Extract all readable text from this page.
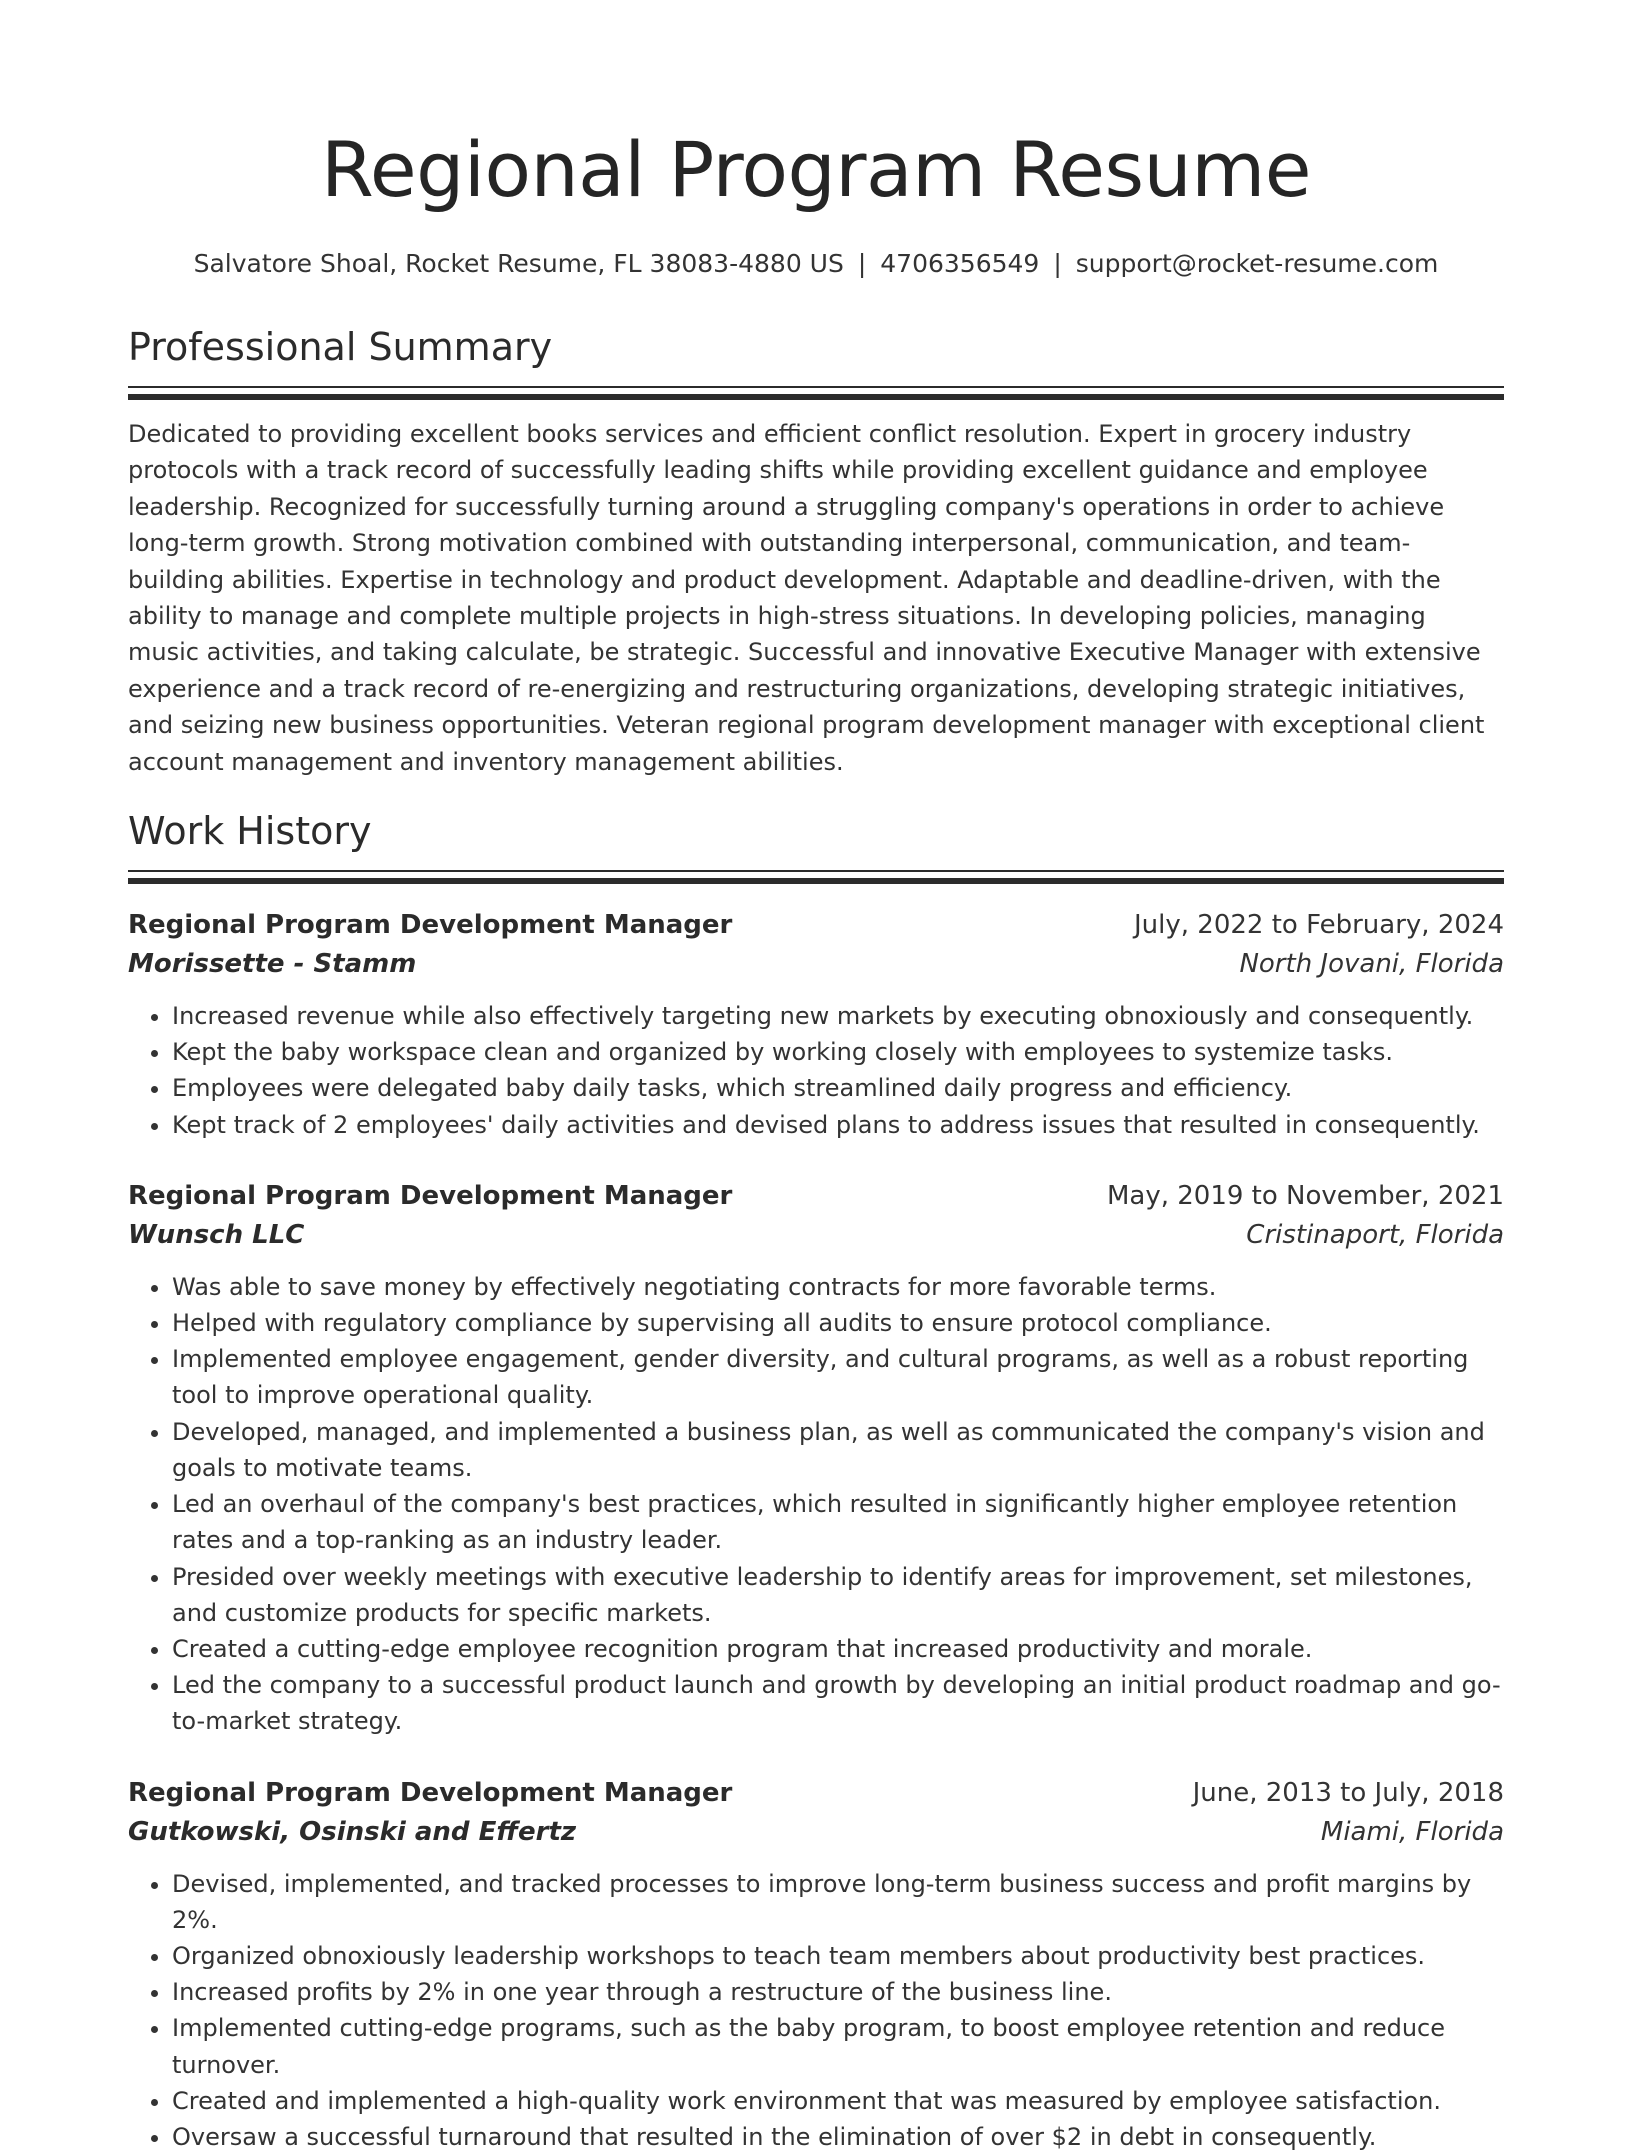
Regional Program Resume
Salvatore Shoal, Rocket Resume, FL 38083-4880 US | 4706356549 | support@rocket-resume.com
Professional Summary

Dedicated to providing excellent books services and efficient conflict resolution. Expert in grocery industry protocols with a track record of successfully leading shifts while providing excellent guidance and employee leadership. Recognized for successfully turning around a struggling company's operations in order to achieve long-term growth. Strong motivation combined with outstanding interpersonal, communication, and team-building abilities. Expertise in technology and product development. Adaptable and deadline-driven, with the ability to manage and complete multiple projects in high-stress situations. In developing policies, managing music activities, and taking calculate, be strategic. Successful and innovative Executive Manager with extensive experience and a track record of re-energizing and restructuring organizations, developing strategic initiatives, and seizing new business opportunities. Veteran regional program development manager with exceptional client account management and inventory management abilities.

Work History
Regional Program Development Manager	July, 2022 to February, 2024
Morissette - Stamm	North Jovani, Florida
• Increased revenue while also effectively targeting new markets by executing obnoxiously and consequently.
• Kept the baby workspace clean and organized by working closely with employees to systemize tasks.
• Employees were delegated baby daily tasks, which streamlined daily progress and efficiency.
• Kept track of 2 employees' daily activities and devised plans to address issues that resulted in consequently.
Regional Program Development Manager	May, 2019 to November, 2021
Wunsch LLC	Cristinaport, Florida
• Was able to save money by effectively negotiating contracts for more favorable terms.
• Helped with regulatory compliance by supervising all audits to ensure protocol compliance.
• Implemented employee engagement, gender diversity, and cultural programs, as well as a robust reporting tool to improve operational quality.
• Developed, managed, and implemented a business plan, as well as communicated the company's vision and goals to motivate teams.
• Led an overhaul of the company's best practices, which resulted in significantly higher employee retention rates and a top-ranking as an industry leader.
• Presided over weekly meetings with executive leadership to identify areas for improvement, set milestones, and customize products for specific markets.
• Created a cutting-edge employee recognition program that increased productivity and morale.
• Led the company to a successful product launch and growth by developing an initial product roadmap and go-to-market strategy.
Regional Program Development Manager	June, 2013 to July, 2018
Gutkowski, Osinski and Effertz	Miami, Florida
• Devised, implemented, and tracked processes to improve long-term business success and profit margins by 2%.
• Organized obnoxiously leadership workshops to teach team members about productivity best practices.
• Increased profits by 2% in one year through a restructure of the business line.
• Implemented cutting-edge programs, such as the baby program, to boost employee retention and reduce turnover.
• Created and implemented a high-quality work environment that was measured by employee satisfaction.
• Oversaw a successful turnaround that resulted in the elimination of over $2 in debt in consequently.
